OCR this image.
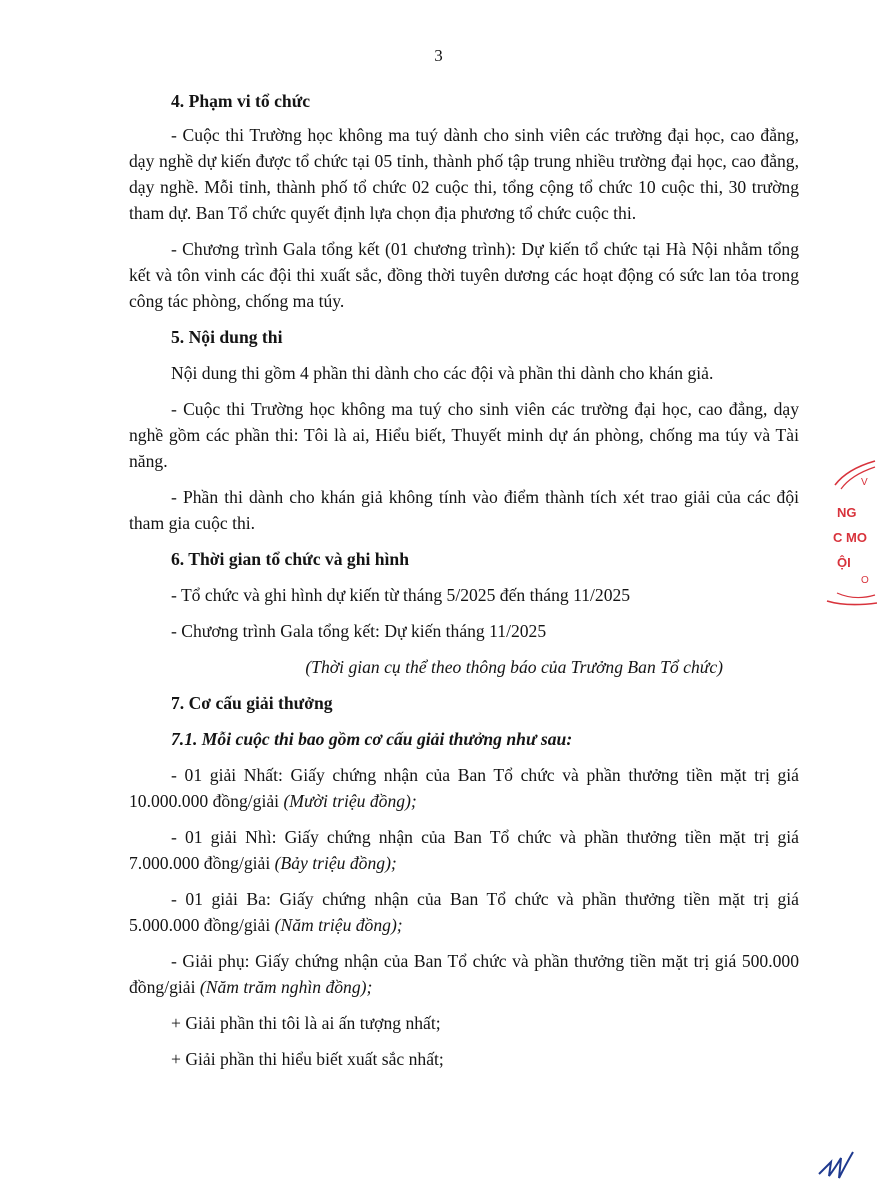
3

4. Phạm vi tổ chức

- Cuộc thi Trường học không ma tuý dành cho sinh viên các trường đại học, cao đẳng, dạy nghề dự kiến được tổ chức tại 05 tỉnh, thành phố tập trung nhiều trường đại học, cao đẳng, dạy nghề. Mỗi tỉnh, thành phố tổ chức 02 cuộc thi, tổng cộng tổ chức 10 cuộc thi, 30 trường tham dự. Ban Tổ chức quyết định lựa chọn địa phương tổ chức cuộc thi.

- Chương trình Gala tổng kết (01 chương trình): Dự kiến tổ chức tại Hà Nội nhằm tổng kết và tôn vinh các đội thi xuất sắc, đồng thời tuyên dương các hoạt động có sức lan tỏa trong công tác phòng, chống ma túy.

5. Nội dung thi

Nội dung thi gồm 4 phần thi dành cho các đội và phần thi dành cho khán giả.

- Cuộc thi Trường học không ma tuý cho sinh viên các trường đại học, cao đẳng, dạy nghề gồm các phần thi: Tôi là ai, Hiểu biết, Thuyết minh dự án phòng, chống ma túy và Tài năng.

- Phần thi dành cho khán giả không tính vào điểm thành tích xét trao giải của các đội tham gia cuộc thi.

6. Thời gian tổ chức và ghi hình

- Tổ chức và ghi hình dự kiến từ tháng 5/2025 đến tháng 11/2025

- Chương trình Gala tổng kết: Dự kiến tháng 11/2025

(Thời gian cụ thể theo thông báo của Trưởng Ban Tổ chức)

7. Cơ cấu giải thưởng

7.1. Mỗi cuộc thi bao gồm cơ cấu giải thưởng như sau:

- 01 giải Nhất: Giấy chứng nhận của Ban Tổ chức và phần thưởng tiền mặt trị giá 10.000.000 đồng/giải (Mười triệu đồng);

- 01 giải Nhì: Giấy chứng nhận của Ban Tổ chức và phần thưởng tiền mặt trị giá 7.000.000 đồng/giải (Bảy triệu đồng);

- 01 giải Ba: Giấy chứng nhận của Ban Tổ chức và phần thưởng tiền mặt trị giá 5.000.000 đồng/giải (Năm triệu đồng);

- Giải phụ: Giấy chứng nhận của Ban Tổ chức và phần thưởng tiền mặt trị giá 500.000 đồng/giải (Năm trăm nghìn đồng);

+ Giải phần thi tôi là ai ấn tượng nhất;

+ Giải phần thi hiểu biết xuất sắc nhất;

V
NG
C MO
ỘI
O
